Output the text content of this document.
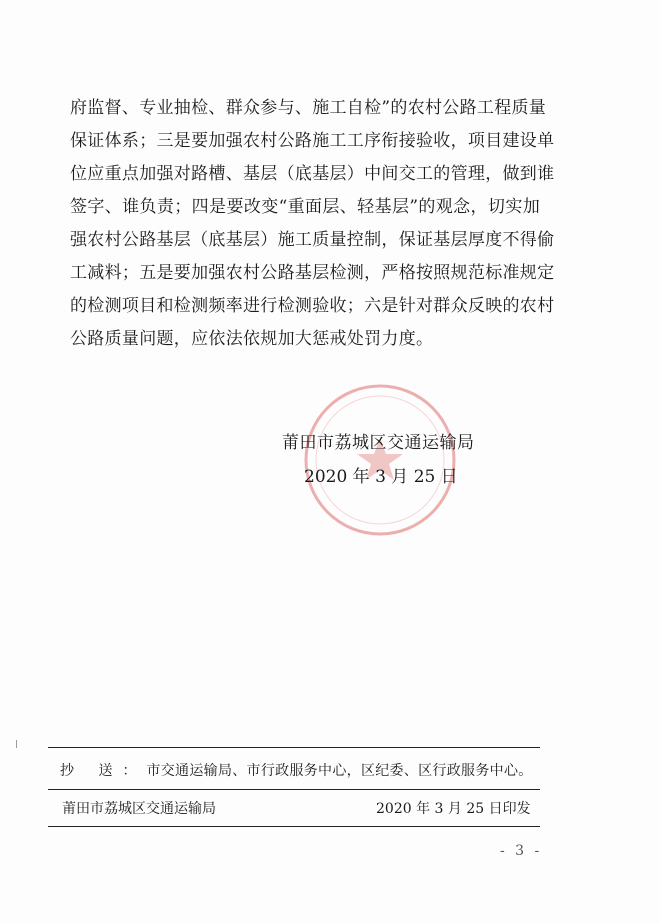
府监督、专业抽检、群众参与、施工自检”的农村公路工程质量
保证体系；三是要加强农村公路施工工序衔接验收，项目建设单
位应重点加强对路槽、基层（底基层）中间交工的管理，做到谁
签字、谁负责；四是要改变“重面层、轻基层”的观念，切实加
强农村公路基层（底基层）施工质量控制，保证基层厚度不得偷
工减料；五是要加强农村公路基层检测，严格按照规范标准规定
的检测项目和检测频率进行检测验收；六是针对群众反映的农村
公路质量问题，应依法依规加大惩戒处罚力度。
莆田市荔城区交通运输局
2020 年 3 月 25 日
抄 送：市交通运输局、市行政服务中心，区纪委、区行政服务中心。
莆田市荔城区交通运输局	2020 年 3 月 25 日印发
- 3 -
